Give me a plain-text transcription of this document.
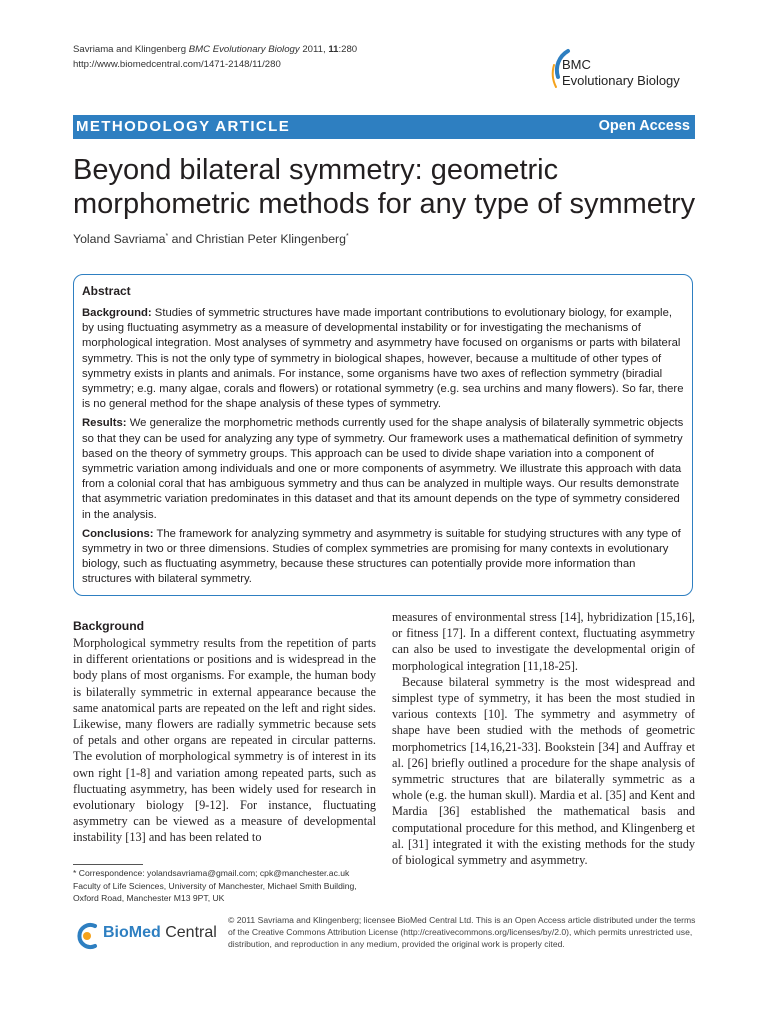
Savriama and Klingenberg BMC Evolutionary Biology 2011, 11:280
http://www.biomedcentral.com/1471-2148/11/280	BMC
Evolutionary Biology
METHODOLOGY ARTICLE	Open Access
Beyond bilateral symmetry: geometric
morphometric methods for any type of symmetry
Yoland Savriama* and Christian Peter Klingenberg*
Abstract

Background: Studies of symmetric structures have made important contributions to evolutionary biology, for example, by using fluctuating asymmetry as a measure of developmental instability or for investigating the mechanisms of morphological integration. Most analyses of symmetry and asymmetry have focused on organisms or parts with bilateral symmetry. This is not the only type of symmetry in biological shapes, however, because a multitude of other types of symmetry exists in plants and animals. For instance, some organisms have two axes of reflection symmetry (biradial symmetry; e.g. many algae, corals and flowers) or rotational symmetry (e.g. sea urchins and many flowers). So far, there is no general method for the shape analysis of these types of symmetry.

Results: We generalize the morphometric methods currently used for the shape analysis of bilaterally symmetric objects so that they can be used for analyzing any type of symmetry. Our framework uses a mathematical definition of symmetry based on the theory of symmetry groups. This approach can be used to divide shape variation into a component of symmetric variation among individuals and one or more components of asymmetry. We illustrate this approach with data from a colonial coral that has ambiguous symmetry and thus can be analyzed in multiple ways. Our results demonstrate that asymmetric variation predominates in this dataset and that its amount depends on the type of symmetry considered in the analysis.

Conclusions: The framework for analyzing symmetry and asymmetry is suitable for studying structures with any type of symmetry in two or three dimensions. Studies of complex symmetries are promising for many contexts in evolutionary biology, such as fluctuating asymmetry, because these structures can potentially provide more information than structures with bilateral symmetry.

Background

Morphological symmetry results from the repetition of parts in different orientations or positions and is widespread in the body plans of most organisms. For example, the human body is bilaterally symmetric in external appearance because the same anatomical parts are repeated on the left and right sides. Likewise, many flowers are radially symmetric because sets of petals and other organs are repeated in circular patterns. The evolution of morphological symmetry is of interest in its own right [1-8] and variation among repeated parts, such as fluctuating asymmetry, has been widely used for research in evolutionary biology [9-12]. For instance, fluctuating asymmetry can be viewed as a measure of developmental instability [13] and has been related to

measures of environmental stress [14], hybridization [15,16], or fitness [17]. In a different context, fluctuating asymmetry can also be used to investigate the developmental origin of morphological integration [11,18-25].

Because bilateral symmetry is the most widespread and simplest type of symmetry, it has been the most studied in various contexts [10]. The symmetry and asymmetry of shape have been studied with the methods of geometric morphometrics [14,16,21-33]. Bookstein [34] and Auffray et al. [26] briefly outlined a procedure for the shape analysis of symmetric structures that are bilaterally symmetric as a whole (e.g. the human skull). Mardia et al. [35] and Kent and Mardia [36] established the mathematical basis and computational procedure for this method, and Klingenberg et al. [31] integrated it with the existing methods for the study of biological symmetry and asymmetry.

* Correspondence: yolandsavriama@gmail.com; cpk@manchester.ac.uk
Faculty of Life Sciences, University of Manchester, Michael Smith Building,
Oxford Road, Manchester M13 9PT, UK
BioMed Central
© 2011 Savriama and Klingenberg; licensee BioMed Central Ltd. This is an Open Access article distributed under the terms of the Creative Commons Attribution License (http://creativecommons.org/licenses/by/2.0), which permits unrestricted use, distribution, and reproduction in any medium, provided the original work is properly cited.
